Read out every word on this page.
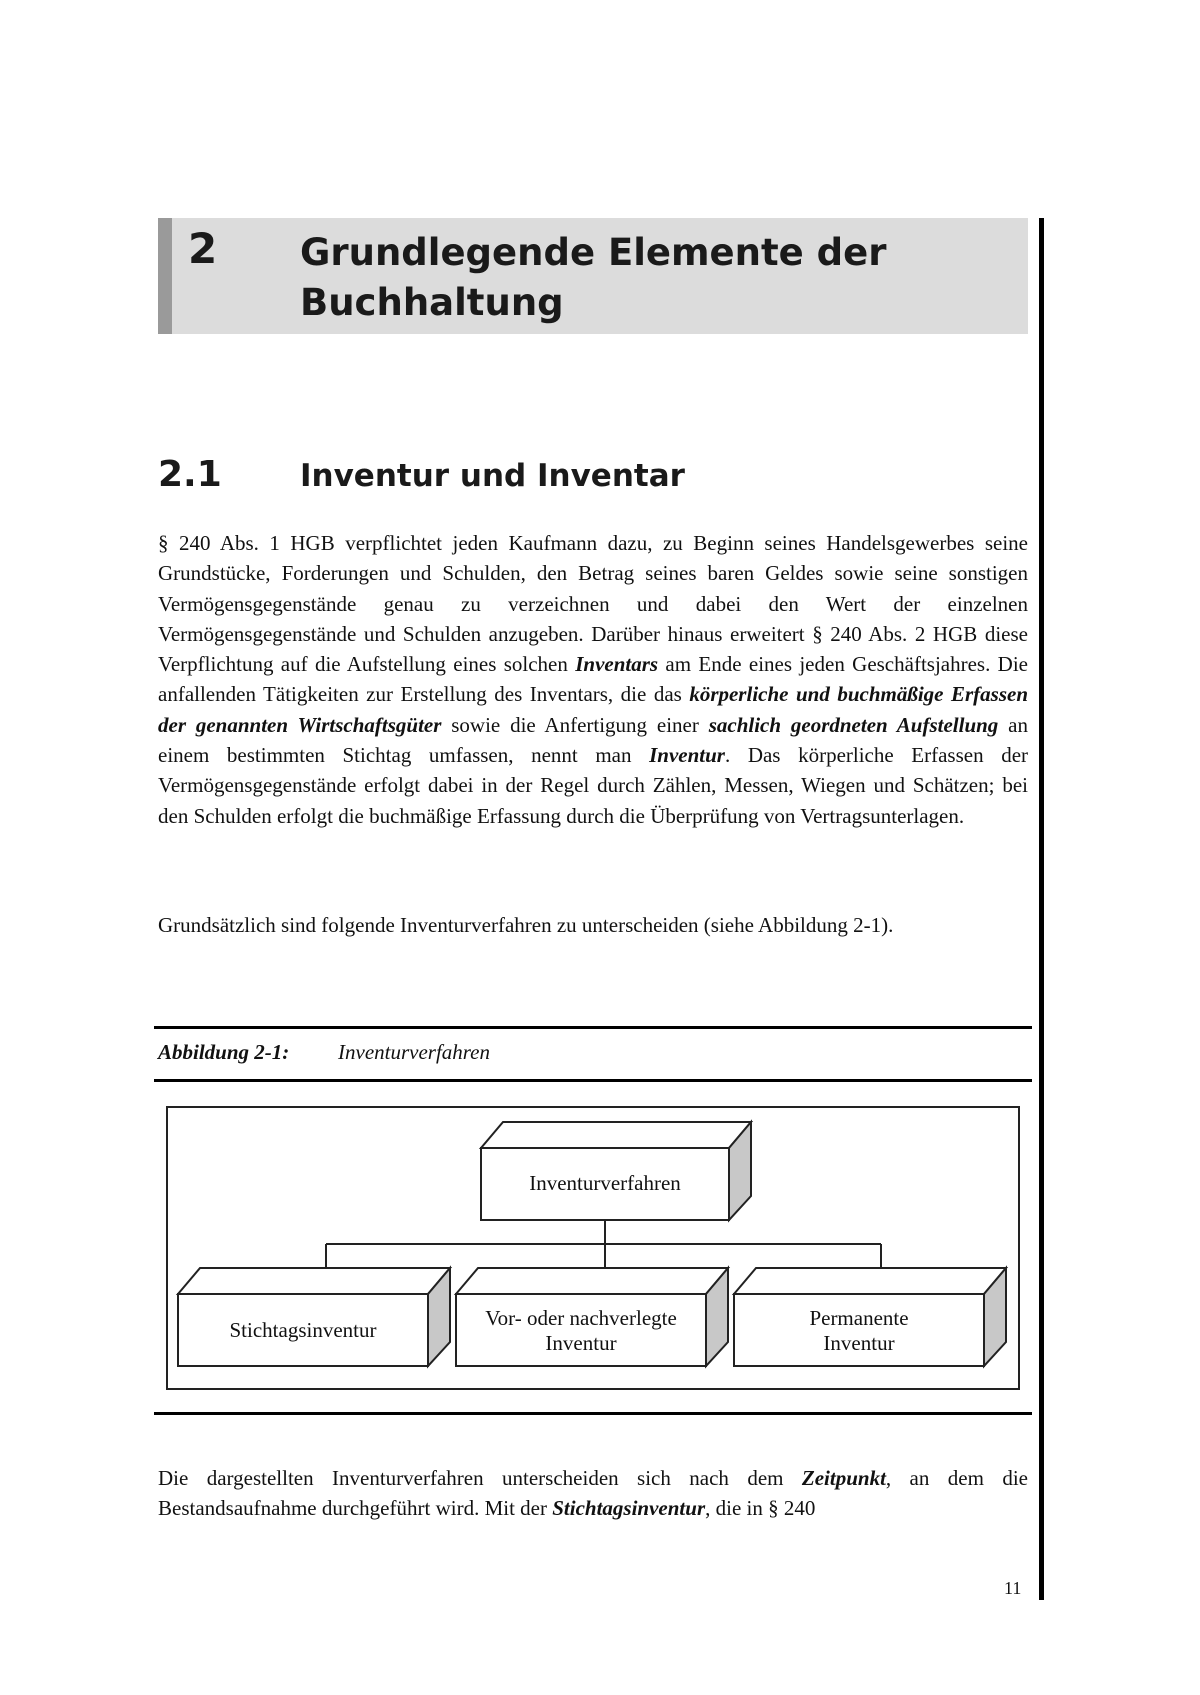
2 Grundlegende Elemente der Buchhaltung
2.1	Inventur und Inventar
§ 240 Abs. 1 HGB verpflichtet jeden Kaufmann dazu, zu Beginn seines Handelsgewerbes seine Grundstücke, Forderungen und Schulden, den Betrag seines baren Geldes sowie seine sonstigen Vermögensgegenstände genau zu verzeichnen und dabei den Wert der einzelnen Vermögensgegenstände und Schulden anzugeben. Darüber hinaus erweitert § 240 Abs. 2 HGB diese Verpflichtung auf die Aufstellung eines solchen Inventars am Ende eines jeden Geschäftsjahres. Die anfallenden Tätigkeiten zur Erstellung des Inventars, die das körperliche und buchmäßige Erfassen der genannten Wirtschaftsgüter sowie die Anfertigung einer sachlich geordneten Aufstellung an einem bestimmten Stichtag umfassen, nennt man Inventur. Das körperliche Erfassen der Vermögensgegenstände erfolgt dabei in der Regel durch Zählen, Messen, Wiegen und Schätzen; bei den Schulden erfolgt die buchmäßige Erfassung durch die Überprüfung von Vertragsunterlagen.
Grundsätzlich sind folgende Inventurverfahren zu unterscheiden (siehe Abbildung 2-1).
Abbildung 2-1: Inventurverfahren
Inventurverfahren
Stichtagsinventur	Vor- oder nachverlegte
Inventur
Permanente
Inventur
Die dargestellten Inventurverfahren unterscheiden sich nach dem Zeitpunkt, an dem die Bestandsaufnahme durchgeführt wird. Mit der Stichtagsinventur, die in § 240
11
